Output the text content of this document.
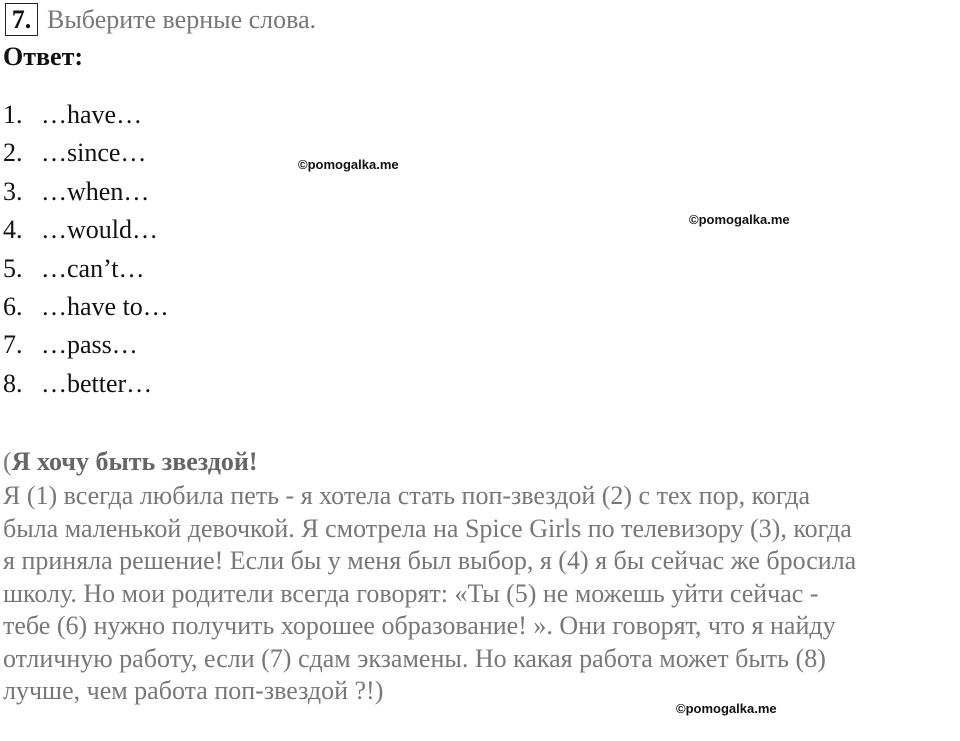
7. Выберите верные слова.
Ответ:
1. …have…
2. …since…
3. …when…
4. …would…
5. …can’t…
6. …have to…
7. …pass…
8. …better…
©pomogalka.me
©pomogalka.me
(Я хочу быть звездой!
Я (1) всегда любила петь - я хотела стать поп-звездой (2) с тех пор, когда
была маленькой девочкой. Я смотрела на Spice Girls по телевизору (3), когда
я приняла решение! Если бы у меня был выбор, я (4) я бы сейчас же бросила
школу. Но мои родители всегда говорят: «Ты (5) не можешь уйти сейчас -
тебе (6) нужно получить хорошее образование! ». Они говорят, что я найду
отличную работу, если (7) сдам экзамены. Но какая работа может быть (8)
лучше, чем работа поп-звездой ?!)
©pomogalka.me
